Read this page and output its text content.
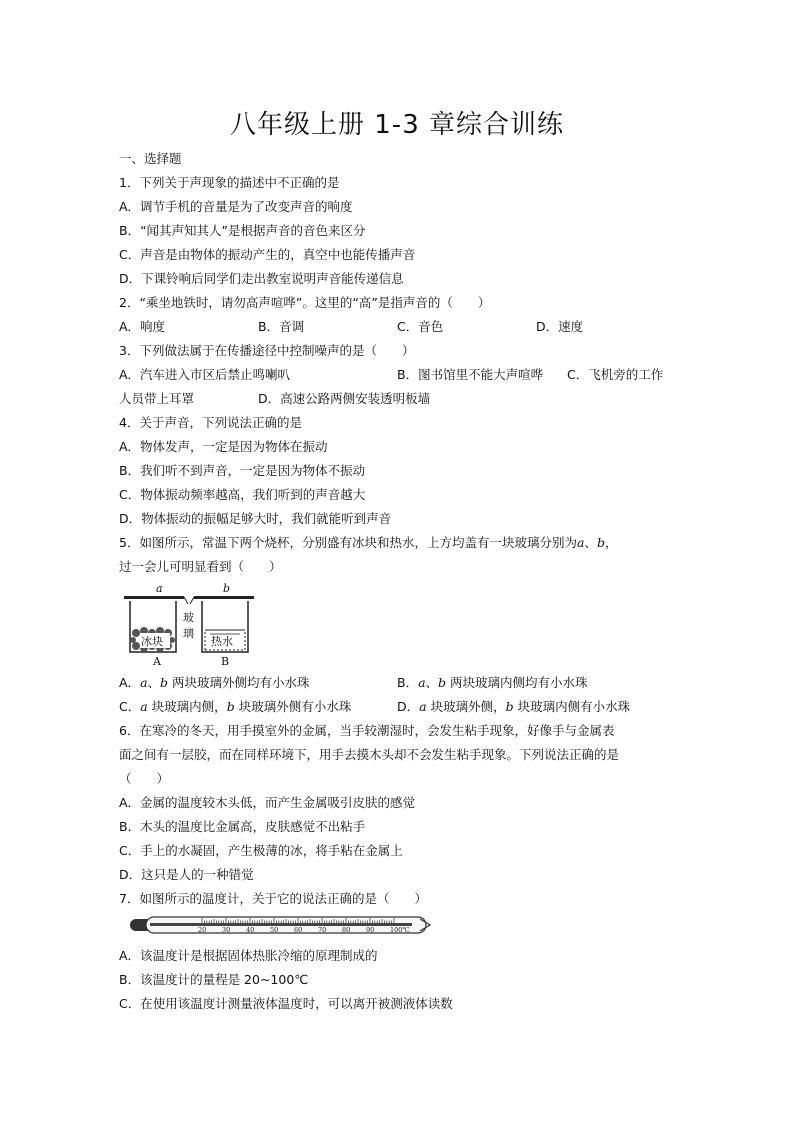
八年级上册 1-3 章综合训练
一、选择题
1．下列关于声现象的描述中不正确的是
A．调节手机的音量是为了改变声音的响度
B．“闻其声知其人”是根据声音的音色来区分
C．声音是由物体的振动产生的，真空中也能传播声音
D．下课铃响后同学们走出教室说明声音能传递信息
2．“乘坐地铁时，请勿高声喧哗”。这里的“高”是指声音的（　　）
A．响度	B．音调	C．音色	D．速度
3．下列做法属于在传播途径中控制噪声的是（　　）
A．汽车进入市区后禁止鸣喇叭	B．图书馆里不能大声喧哗 C．飞机旁的工作
人员带上耳罩	D．高速公路两侧安装透明板墙
4．关于声音，下列说法正确的是
A．物体发声，一定是因为物体在振动
B．我们听不到声音，一定是因为物体不振动
C．物体振动频率越高，我们听到的声音越大
D．物体振动的振幅足够大时，我们就能听到声音
5．如图所示，常温下两个烧杯，分别盛有冰块和热水，上方均盖有一块玻璃分别为a、b，
过一会儿可明显看到（　　）
a	b
冰块
玻
璃
热水
A	B
A．a、b 两块玻璃外侧均有小水珠	B．a、b 两块玻璃内侧均有小水珠
C．a 块玻璃内侧，b 块玻璃外侧有小水珠	D．a 块玻璃外侧，b 块玻璃内侧有小水珠
6．在寒冷的冬天，用手摸室外的金属，当手较潮湿时，会发生粘手现象，好像手与金属表
面之间有一层胶，而在同样环境下，用手去摸木头却不会发生粘手现象。下列说法正确的是
（　　）
A．金属的温度较木头低，而产生金属吸引皮肤的感觉
B．木头的温度比金属高，皮肤感觉不出粘手
C．手上的水凝固，产生极薄的冰，将手粘在金属上
D．这只是人的一种错觉
7．如图所示的温度计，关于它的说法正确的是（　　）
20 30 40 50 60 70 80 90 100℃
A．该温度计是根据固体热胀冷缩的原理制成的
B．该温度计的量程是 20~100℃
C．在使用该温度计测量液体温度时，可以离开被测液体读数
